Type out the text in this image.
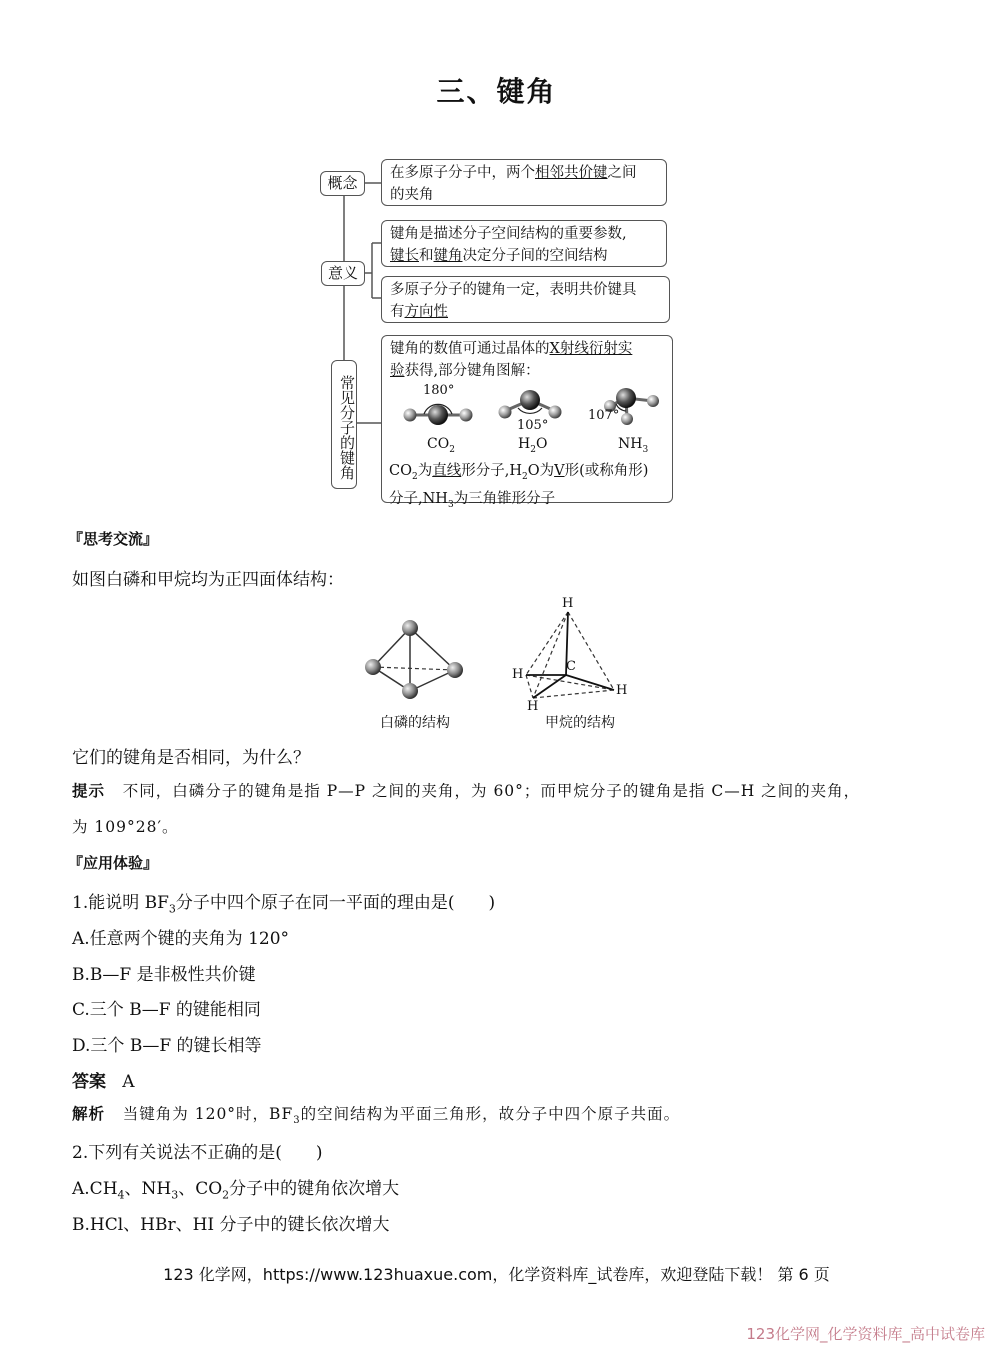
三、键角
概念
在多原子分子中，两个相邻共价键之间
的夹角
意义
键角是描述分子空间结构的重要参数,
键长和键角决定分子间的空间结构
多原子分子的键角一定，表明共价键具
有方向性
常见分子的键角
键角的数值可通过晶体的X射线衍射实
验获得,部分键角图解：
180°
105°
107°
$CO_2$	$H_2O$	$NH_3$
$CO_2$为直线形分子$,H_2O$为V形(或称角形)
分子$,NH_3$为三角锥形分子
『思考交流』
如图白磷和甲烷均为正四面体结构：
H
H
C
H
H
白磷的结构	甲烷的结构
它们的键角是否相同，为什么？
提示 不同，白磷分子的键角是指 P—P 之间的夹角，为 60°；而甲烷分子的键角是指 C—H 之间的夹角，
为 109°28′。
『应用体验』
1.能说明 $BF_3$分子中四个原子在同一平面的理由是(　　)
A.任意两个键的夹角为 120°
B.B—F 是非极性共价键
C.三个 B—F 的键能相同
D.三个 B—F 的键长相等
答案 A
解析 当键角为 120°时，$BF_3$的空间结构为平面三角形，故分子中四个原子共面。
2.下列有关说法不正确的是(　　)
$A.CH_4$、$NH_3$、$CO_2$分子中的键角依次增大
B.HCl、HBr、HI 分子中的键长依次增大
123 化学网，https://www.123huaxue.com，化学资料库_试卷库，欢迎登陆下载！ 第 6 页
123化学网_化学资料库_高中试卷库
